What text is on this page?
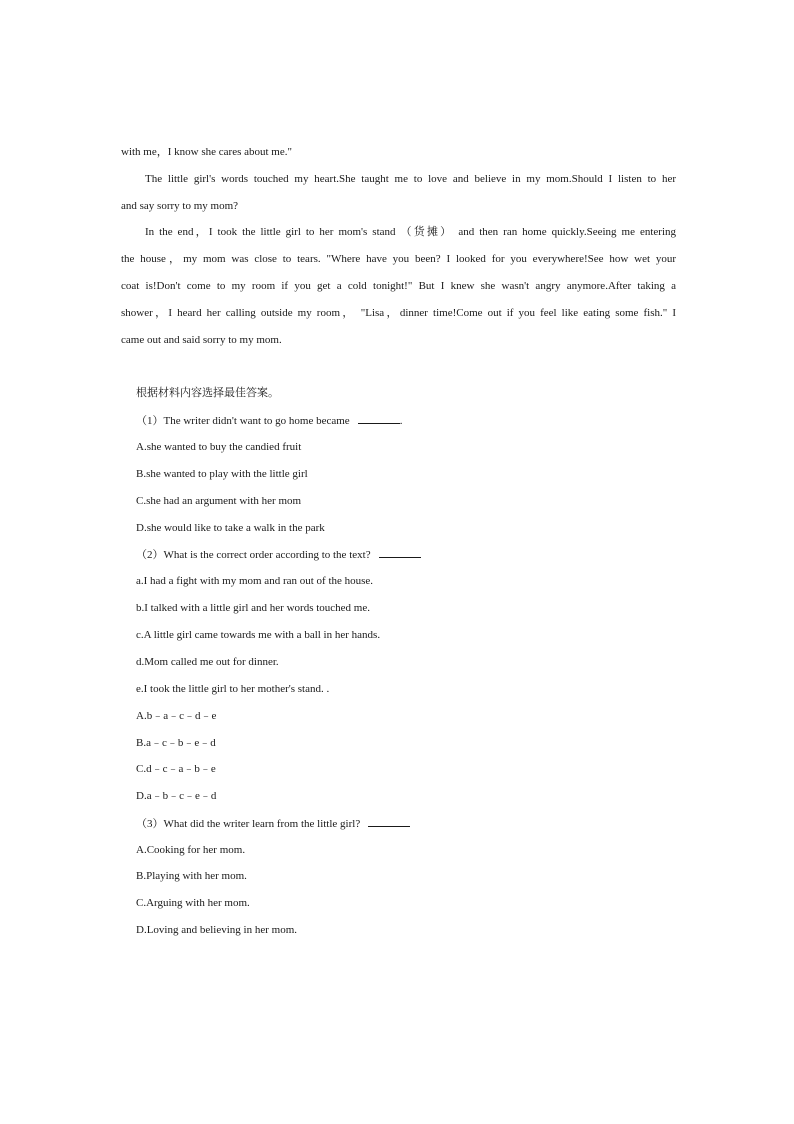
with me，I know she cares about me."
The little girl's words touched my heart.She taught me to love and believe in my mom.Should I listen to her
and say sorry to my mom?
In the end，I took the little girl to her mom's stand （货摊） and then ran home quickly.Seeing me entering
the house，my mom was close to tears. "Where have you been? I looked for you everywhere!See how wet your
coat is!Don't come to my room if you get a cold tonight!" But I knew she wasn't angry anymore.After taking a
shower，I heard her calling outside my room， "Lisa，dinner time!Come out if you feel like eating some fish." I
came out and said sorry to my mom.
根据材料内容选择最佳答案。
（1）The writer didn't want to go home became	.
A.she wanted to buy the candied fruit
B.she wanted to play with the little girl
C.she had an argument with her mom
D.she would like to take a walk in the park
（2）What is the correct order according to the text?
a.I had a fight with my mom and ran out of the house.
b.I talked with a little girl and her words touched me.
c.A little girl came towards me with a ball in her hands.
d.Mom called me out for dinner.
e.I took the little girl to her mother's stand. .
A.b﹣a﹣c﹣d﹣e
B.a﹣c﹣b﹣e﹣d
C.d﹣c﹣a﹣b﹣e
D.a﹣b﹣c﹣e﹣d
（3）What did the writer learn from the little girl?
A.Cooking for her mom.
B.Playing with her mom.
C.Arguing with her mom.
D.Loving and believing in her mom.
